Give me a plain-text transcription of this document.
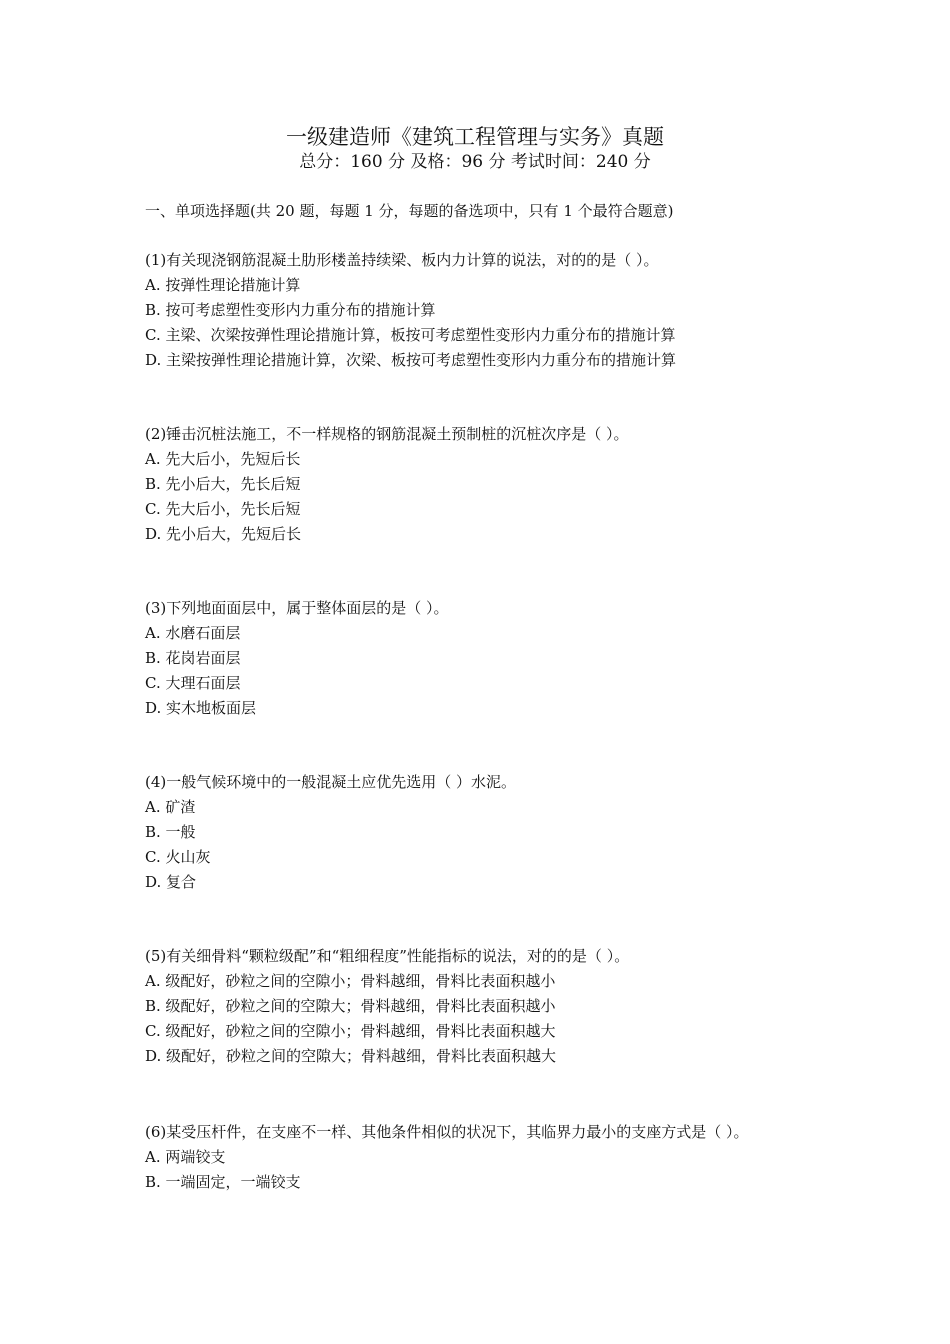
一级建造师《建筑工程管理与实务》真题
总分：160 分 及格：96 分 考试时间：240 分
一、单项选择题(共 20 题，每题 1 分，每题的备选项中，只有 1 个最符合题意)
(1)有关现浇钢筋混凝土肋形楼盖持续梁、板内力计算的说法，对的的是（ ）。
A. 按弹性理论措施计算
B. 按可考虑塑性变形内力重分布的措施计算
C. 主梁、次梁按弹性理论措施计算，板按可考虑塑性变形内力重分布的措施计算
D. 主梁按弹性理论措施计算，次梁、板按可考虑塑性变形内力重分布的措施计算
(2)锤击沉桩法施工，不一样规格的钢筋混凝土预制桩的沉桩次序是（ ）。
A. 先大后小，先短后长
B. 先小后大，先长后短
C. 先大后小，先长后短
D. 先小后大，先短后长
(3)下列地面面层中，属于整体面层的是（ ）。
A. 水磨石面层
B. 花岗岩面层
C. 大理石面层
D. 实木地板面层
(4)一般气候环境中的一般混凝土应优先选用（ ）水泥。
A. 矿渣
B. 一般
C. 火山灰
D. 复合
(5)有关细骨料“颗粒级配”和“粗细程度”性能指标的说法，对的的是（ ）。
A. 级配好，砂粒之间的空隙小；骨料越细，骨料比表面积越小
B. 级配好，砂粒之间的空隙大；骨料越细，骨料比表面积越小
C. 级配好，砂粒之间的空隙小；骨料越细，骨料比表面积越大
D. 级配好，砂粒之间的空隙大；骨料越细，骨料比表面积越大
(6)某受压杆件，在支座不一样、其他条件相似的状况下，其临界力最小的支座方式是（ ）。
A. 两端铰支
B. 一端固定，一端铰支
